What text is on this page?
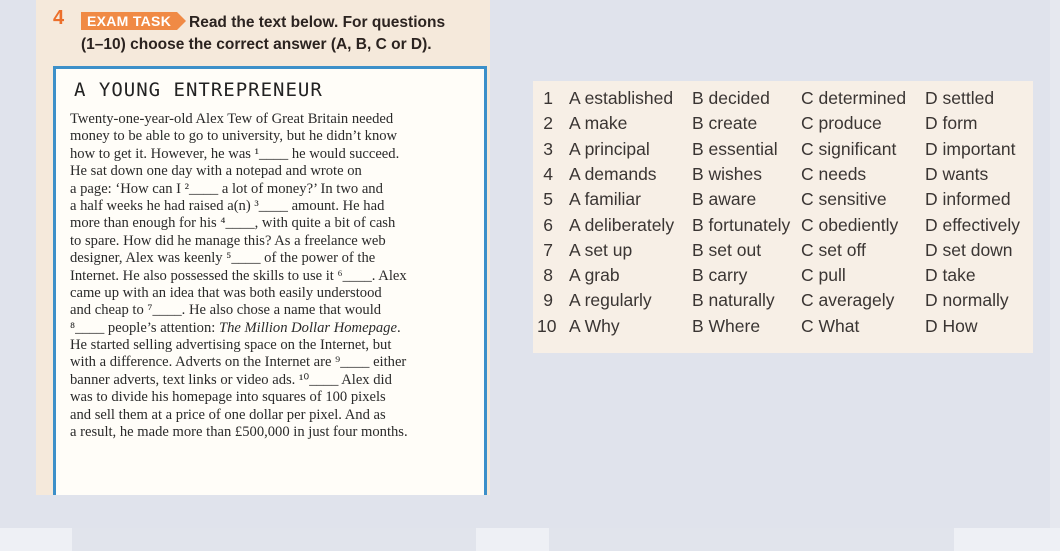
4	Read the text below. For questions
(1–10) choose the correct answer (A, B, C or D).
EXAM TASK
A YOUNG ENTREPRENEUR
Twenty-one-year-old Alex Tew of Great Britain needed
money to be able to go to university, but he didn’t know
how to get it. However, he was ¹____ he would succeed.
He sat down one day with a notepad and wrote on
a page: ‘How can I ²____ a lot of money?’ In two and
a half weeks he had raised a(n) ³____ amount. He had
more than enough for his ⁴____, with quite a bit of cash
to spare. How did he manage this? As a freelance web
designer, Alex was keenly ⁵____ of the power of the
Internet. He also possessed the skills to use it ⁶____. Alex
came up with an idea that was both easily understood
and cheap to ⁷____. He also chose a name that would
⁸____ people’s attention: The Million Dollar Homepage.
He started selling advertising space on the Internet, but
with a difference. Adverts on the Internet are ⁹____ either
banner adverts, text links or video ads. ¹⁰____ Alex did
was to divide his homepage into squares of 100 pixels
and sell them at a price of one dollar per pixel. And as
a result, he made more than £500,000 in just four months.
1 A established B decided C determined D settled
2 A make	B create	C produce D form
3 A principal B essential C significant D important
4 A demands B wishes C needs	D wants
5 A familiar	B aware	C sensitive D informed
6 A deliberately B fortunately C obediently D effectively
7 A set up	B set out C set off	D set down
8 A grab	B carry	C pull	D take
9 A regularly B naturally C averagely D normally
10 A Why	B Where C What	D How
